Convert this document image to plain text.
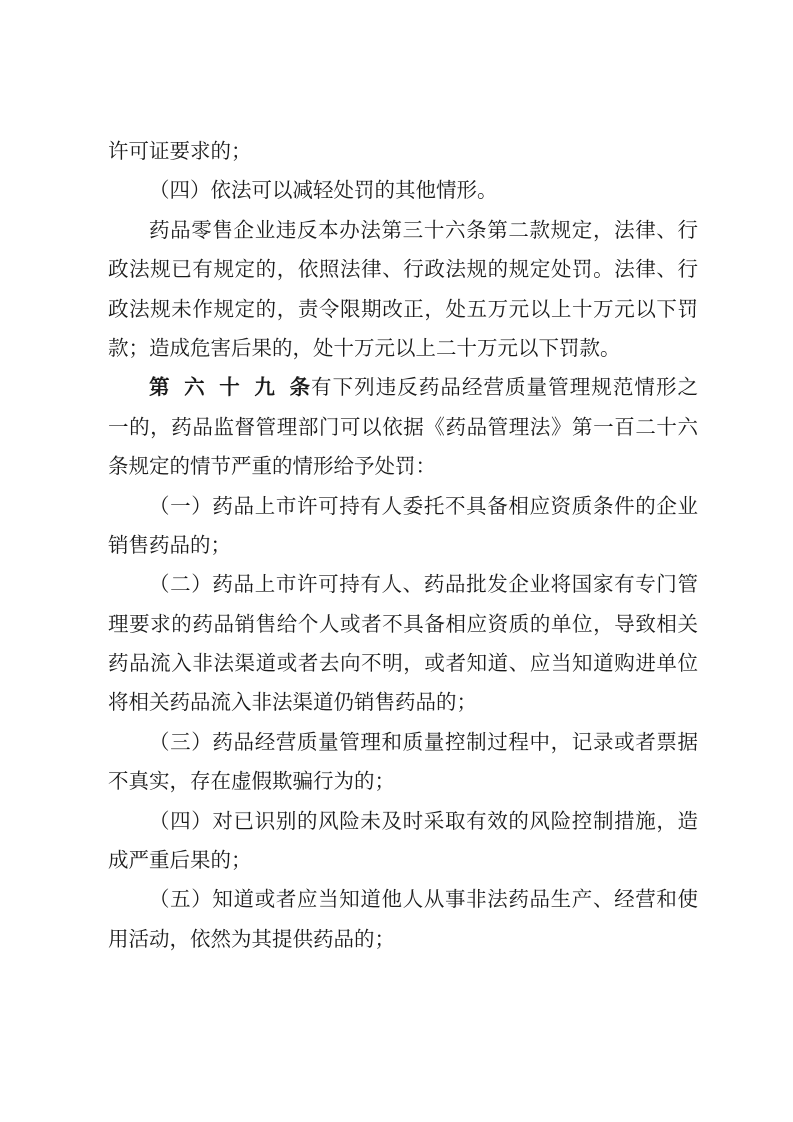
许可证要求的；
（四）依法可以减轻处罚的其他情形。
药品零售企业违反本办法第三十六条第二款规定，法律、行
政法规已有规定的，依照法律、行政法规的规定处罚。法律、行
政法规未作规定的，责令限期改正，处五万元以上十万元以下罚
款；造成危害后果的，处十万元以上二十万元以下罚款。
第六十九条有下列违反药品经营质量管理规范情形之
一的，药品监督管理部门可以依据《药品管理法》第一百二十六
条规定的情节严重的情形给予处罚：
（一）药品上市许可持有人委托不具备相应资质条件的企业
销售药品的；
（二）药品上市许可持有人、药品批发企业将国家有专门管
理要求的药品销售给个人或者不具备相应资质的单位，导致相关
药品流入非法渠道或者去向不明，或者知道、应当知道购进单位
将相关药品流入非法渠道仍销售药品的；
（三）药品经营质量管理和质量控制过程中，记录或者票据
不真实，存在虚假欺骗行为的；
（四）对已识别的风险未及时采取有效的风险控制措施，造
成严重后果的；
（五）知道或者应当知道他人从事非法药品生产、经营和使
用活动，依然为其提供药品的；
